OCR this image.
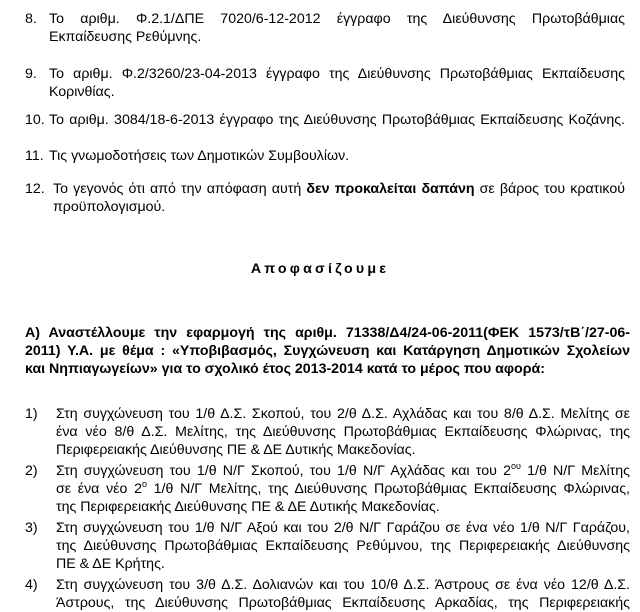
8. Το αριθμ. Φ.2.1/ΔΠΕ 7020/6-12-2012 έγγραφο της Διεύθυνσης Πρωτοβάθμιας
Εκπαίδευσης Ρεθύμνης.
9. Το αριθμ. Φ.2/3260/23-04-2013 έγγραφο της Διεύθυνσης Πρωτοβάθμιας Εκπαίδευσης
Κορινθίας.
10. Το αριθμ. 3084/18-6-2013 έγγραφο της Διεύθυνσης Πρωτοβάθμιας Εκπαίδευσης Κοζάνης.
11. Τις γνωμοδοτήσεις των Δημοτικών Συμβουλίων.
12. Το γεγονός ότι από την απόφαση αυτή δεν προκαλείται δαπάνη σε βάρος του κρατικού
προϋπολογισμού.
Αποφασίζουμε
Α) Αναστέλλουμε την εφαρμογή της αριθμ. 71338/Δ4/24-06-2011(ΦΕΚ 1573/τΒ΄/27-06-
2011) Υ.Α. με θέμα : «Υποβιβασμός, Συγχώνευση και Κατάργηση Δημοτικών Σχολείων
και Νηπιαγωγείων» για το σχολικό έτος 2013-2014 κατά το μέρος που αφορά:
1) Στη συγχώνευση του 1/θ Δ.Σ. Σκοπού, του 2/θ Δ.Σ. Αχλάδας και του 8/θ Δ.Σ. Μελίτης σε
ένα νέο 8/θ Δ.Σ. Μελίτης, της Διεύθυνσης Πρωτοβάθμιας Εκπαίδευσης Φλώρινας, της
Περιφερειακής Διεύθυνσης ΠΕ & ΔΕ Δυτικής Μακεδονίας.
2) Στη συγχώνευση του 1/θ Ν/Γ Σκοπού, του 1/θ Ν/Γ Αχλάδας και του $2^{o\upsilon}$ 1/θ Ν/Γ Μελίτης
σε ένα νέο $2^o$ 1/θ Ν/Γ Μελίτης, της Διεύθυνσης Πρωτοβάθμιας Εκπαίδευσης Φλώρινας,
της Περιφερειακής Διεύθυνσης ΠΕ & ΔΕ Δυτικής Μακεδονίας.
3) Στη συγχώνευση του 1/θ Ν/Γ Αξού και του 2/θ Ν/Γ Γαράζου σε ένα νέο 1/θ Ν/Γ Γαράζου,
της Διεύθυνσης Πρωτοβάθμιας Εκπαίδευσης Ρεθύμνου, της Περιφερειακής Διεύθυνσης
ΠΕ & ΔΕ Κρήτης.
4) Στη συγχώνευση του 3/θ Δ.Σ. Δολιανών και του 10/θ Δ.Σ. Άστρους σε ένα νέο 12/θ Δ.Σ.
Άστρους, της Διεύθυνσης Πρωτοβάθμιας Εκπαίδευσης Αρκαδίας, της Περιφερειακής
